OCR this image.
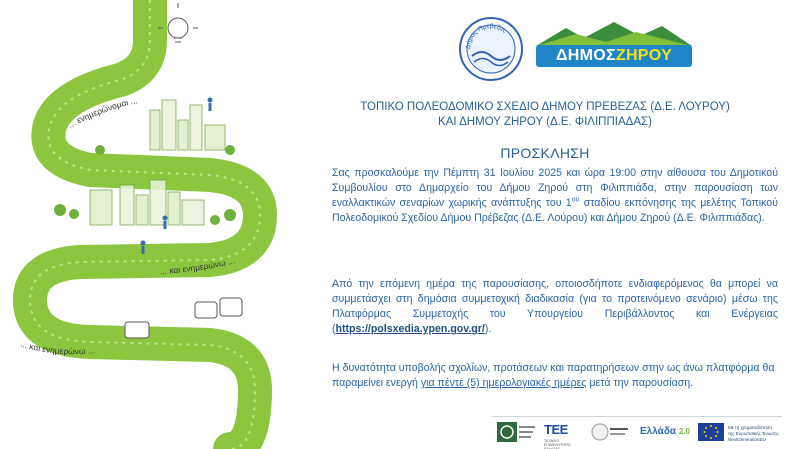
... ενημερώνομαι ...
... και ενημερώνω ...
... και ενημερώνω ...
Δήμος Πρέβεζας
ΔΗΜΟΣΖΗΡΟΥ
ΤΟΠΙΚΟ ΠΟΛΕΟΔΟΜΙΚΟ ΣΧΕΔΙΟ ΔΗΜΟΥ ΠΡΕΒΕΖΑΣ (Δ.Ε. ΛΟΥΡΟΥ)
ΚΑΙ ΔΗΜΟΥ ΖΗΡΟΥ (Δ.Ε. ΦΙΛΙΠΠΙΑΔΑΣ)
ΠΡΟΣΚΛΗΣΗ
Σας προσκαλούμε την Πέμπτη 31 Ιουλίου 2025 και ώρα 19:00 στην αίθουσα του Δημοτικού Συμβουλίου στο Δημαρχείο του Δήμου Ζηρού στη Φιλιππιάδα, στην παρουσίαση των εναλλακτικών σεναρίων χωρικής ανάπτυξης του $1^{o\upsilon}$ σταδίου εκπόνησης της μελέτης Τοπικού Πολεοδομικού Σχεδίου Δήμου Πρέβεζας (Δ.Ε. Λούρου) και Δήμου Ζηρού (Δ.Ε. Φιλιππιάδας).
Από την επόμενη ημέρα της παρουσίασης, οποιοσδήποτε ενδιαφερόμενος θα μπορεί να συμμετάσχει στη δημόσια συμμετοχική διαδικασία (για το προτεινόμενο σενάριο) μέσω της Πλατφόρμας Συμμετοχής του Υπουργείου Περιβάλλοντος και Ενέργειας (https://polsxedia.ypen.gov.gr/).
Η δυνατότητα υποβολής σχολίων, προτάσεων και παρατηρήσεων στην ως άνω πλατφόρμα θα παραμείνει ενεργή για πέντε (5) ημερολογιακές ημέρες μετά την παρουσίαση.
ΤΕΕ
ΤΕΧΝΙΚΟ ΕΠΙΜΕΛΗΤΗΡΙΟ ΕΛΛΑΔΑΣ
Ελλάδα 2.0	Με τη χρηματοδότηση
της Ευρωπαϊκής Ένωσης
NextGenerationEU
